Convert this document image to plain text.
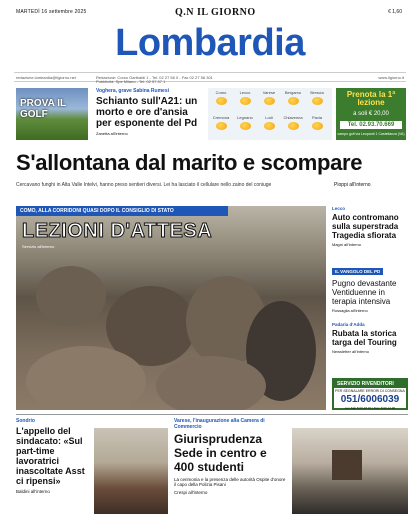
MARTEDÌ 16 settembre 2025	Q.N IL GIORNO	€ 1,60
Lombardia
redazione.lombardia@ilgiorno.net	Redazione: Corso Garibaldi 1 - Tel. 02 27 56 0 - Fax 02 27 56 301
Pubblicità: Spe Milano - Tel. 02 57 57 1
www.ilgiorno.it
PROVA IL GOLF
Voghera, grave Sabina Rumesi
Schianto sull'A21: un morto e ore d'ansia per esponente del Pd
Zanetta all'interno
Como	Lecco	Varese	Bergamo	Brescia
Cremona	Legnano	Lodi	Chiavenna	Pavia
Prenota la 1ª lezione
a soli € 20,00
Tel. 02.93.70.669
campo golf via Leopardi 1 Castellanza (VA)
S'allontana dal marito e scompare
Cercavano funghi in Alta Valle Intelvi, hanno preso sentieri diversi. Lei ha lasciato il cellulare nello zaino del coniuge	Pioppi all'interno
COMO, ALLA CORRIDONI QUASI DOPO IL CONSIGLIO DI STATO
LEZIONI D'ATTESA
Servizio all'interno
Lecco
Auto contromano sulla superstrada Tragedia sfiorata
Magni all'interno
IL VANGOLO DEL PD
Pugno devastante Ventiduenne in terapia intensiva
Rossaglia all'interno
Padaria d'Adda
Rubata la storica targa del Touring
Newsletter all'interno
SERVIZIO RIVENDITORI
PER SEGNALARE ERRORI DI CONSEGNA
051/6006039
Lun-Sab 8.00-18.00 | Dom 8.00-12.00
Sondrio
L'appello del sindacato: «Sul part-time lavoratrici inascoltate Asst ci ripensi»
Baldini all'interno
Varese, l'inaugurazione alla Camera di Commercio
Giurisprudenza Sede in centro e 400 studenti
La cerimonia e la presenza delle autorità Ospite d'onore il capo della Polizia Pisani
Crespi all'interno
